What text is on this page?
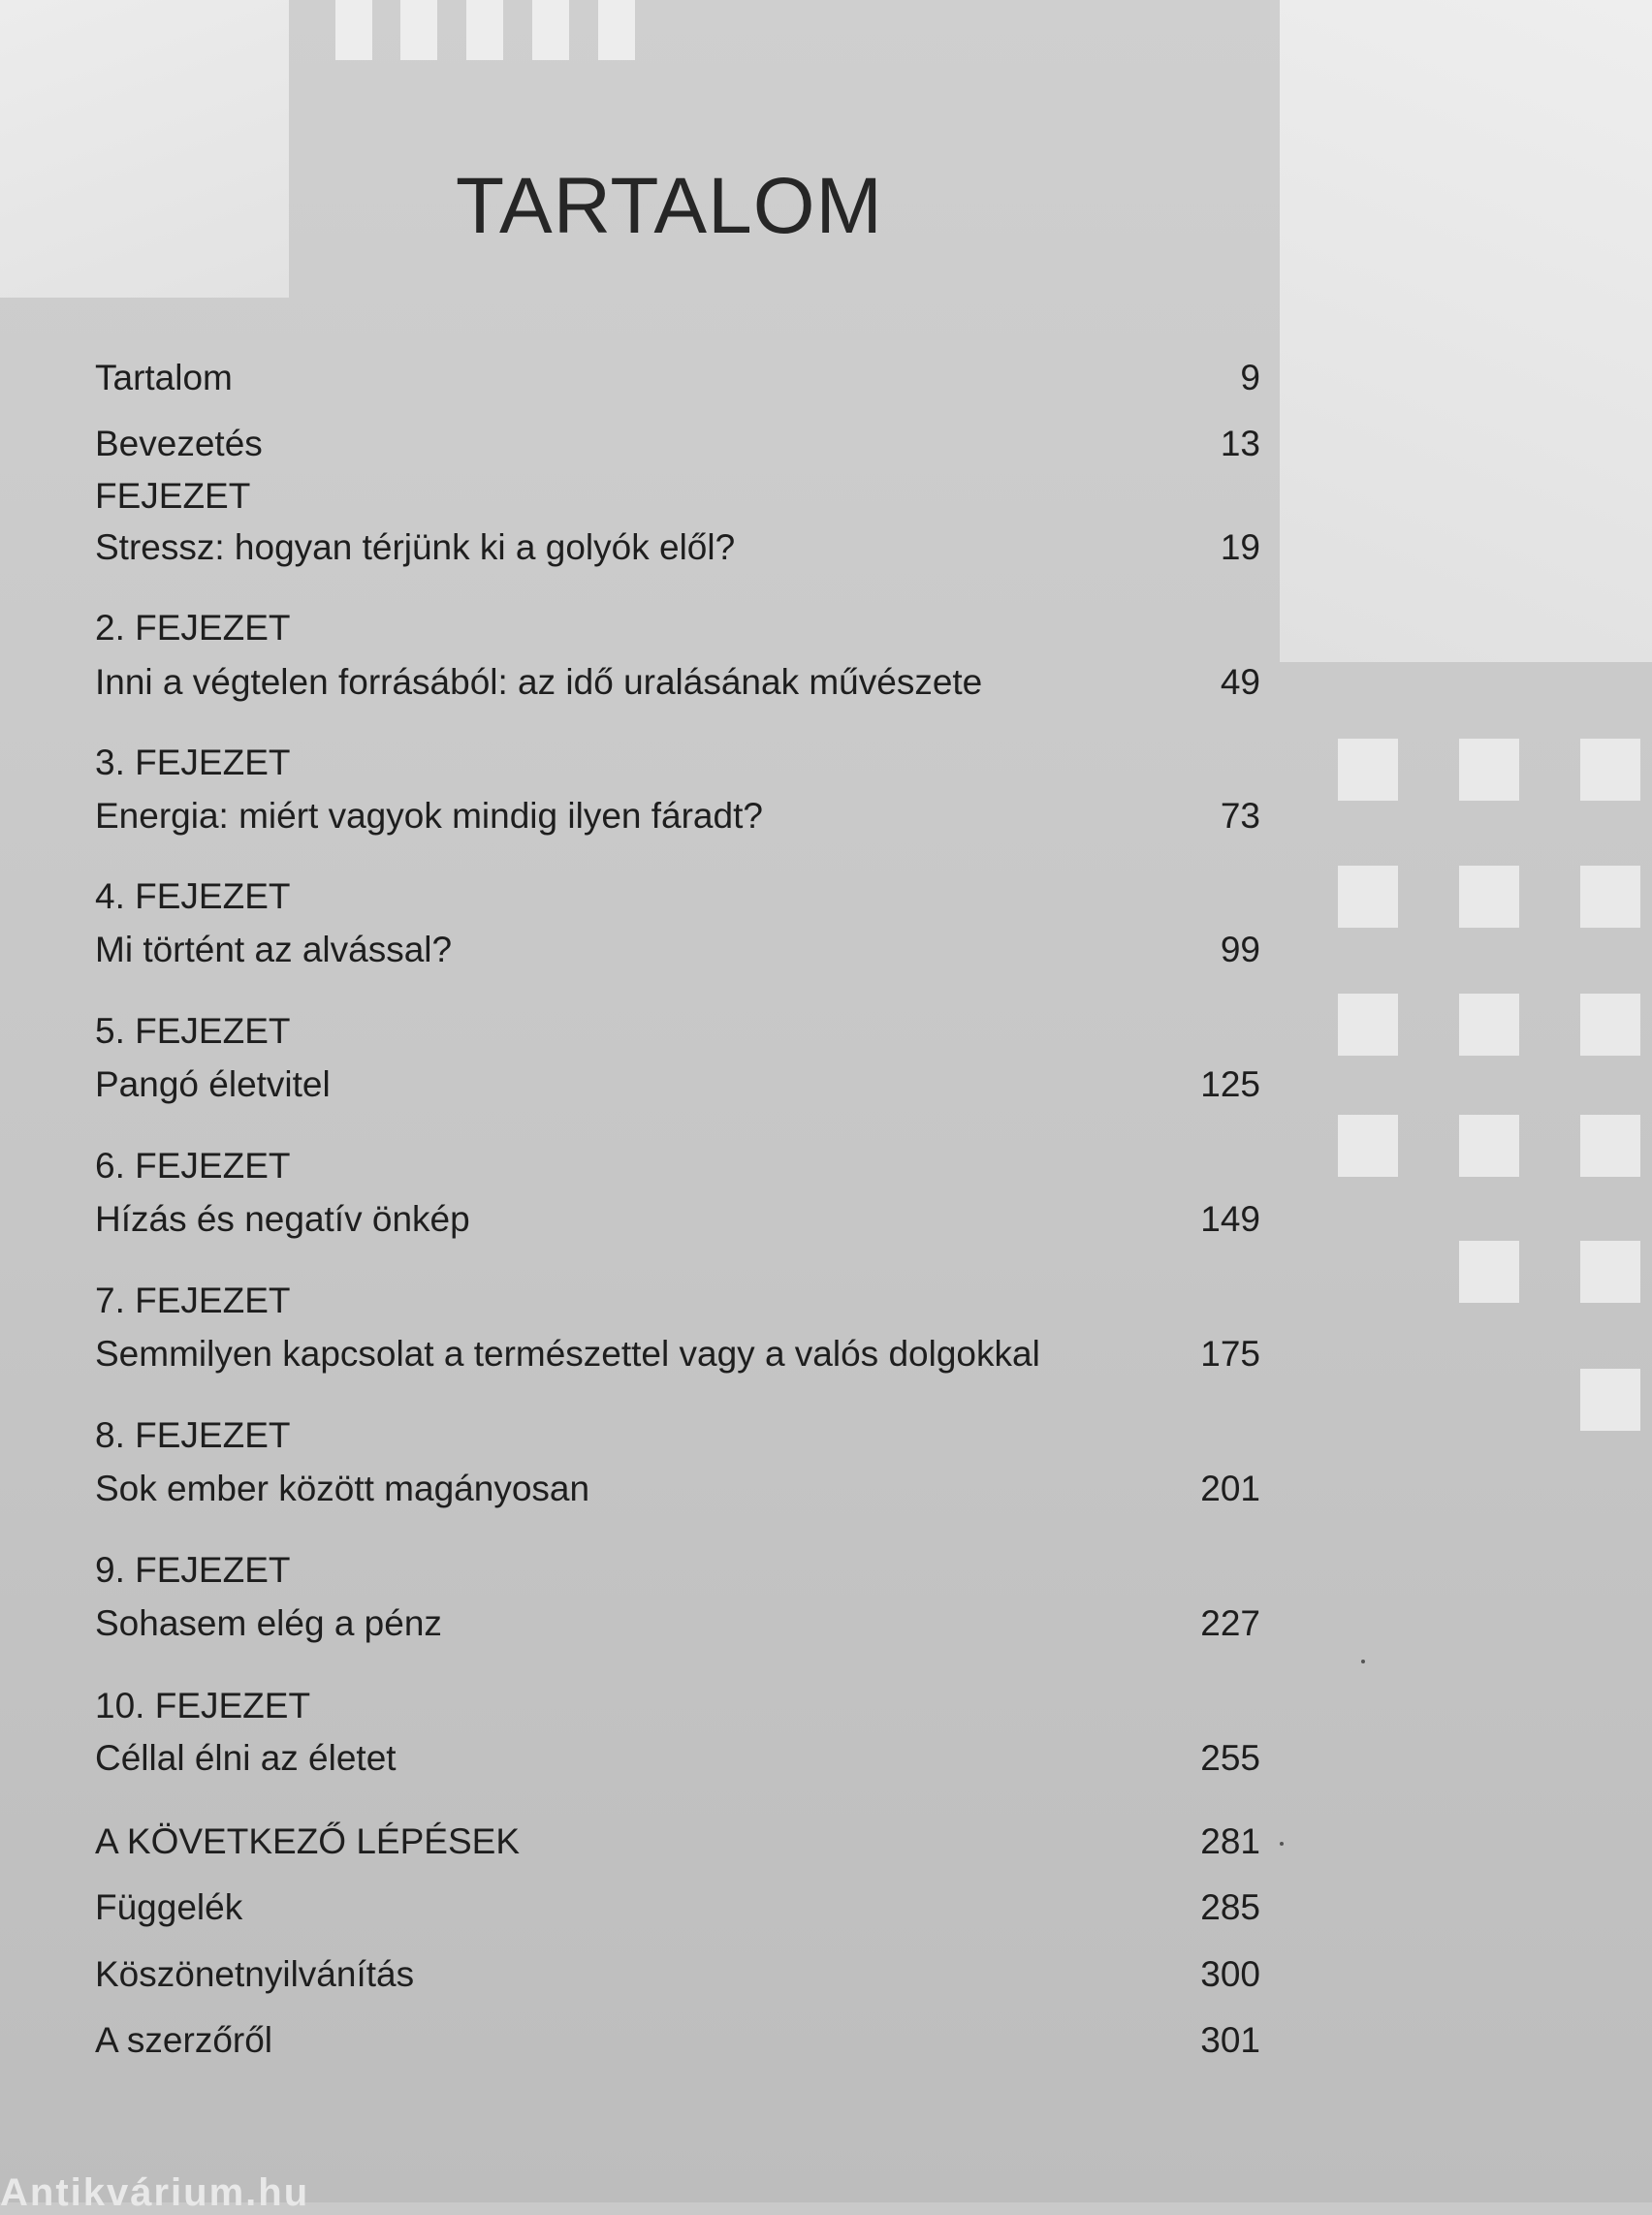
TARTALOM
Tartalom	9
Bevezetés	13
FEJEZET
Stressz: hogyan térjünk ki a golyók elől?	19
2. FEJEZET
Inni a végtelen forrásából: az idő uralásának művészete	49
3. FEJEZET
Energia: miért vagyok mindig ilyen fáradt?	73
4. FEJEZET
Mi történt az alvással?	99
5. FEJEZET
Pangó életvitel	125
6. FEJEZET
Hízás és negatív önkép	149
7. FEJEZET
Semmilyen kapcsolat a természettel vagy a valós dolgokkal	175
8. FEJEZET
Sok ember között magányosan	201
9. FEJEZET
Sohasem elég a pénz	227
10. FEJEZET
Céllal élni az életet	255
A KÖVETKEZŐ LÉPÉSEK	281
Függelék	285
Köszönetnyilvánítás	300
A szerzőről	301
Antikvárium.hu
